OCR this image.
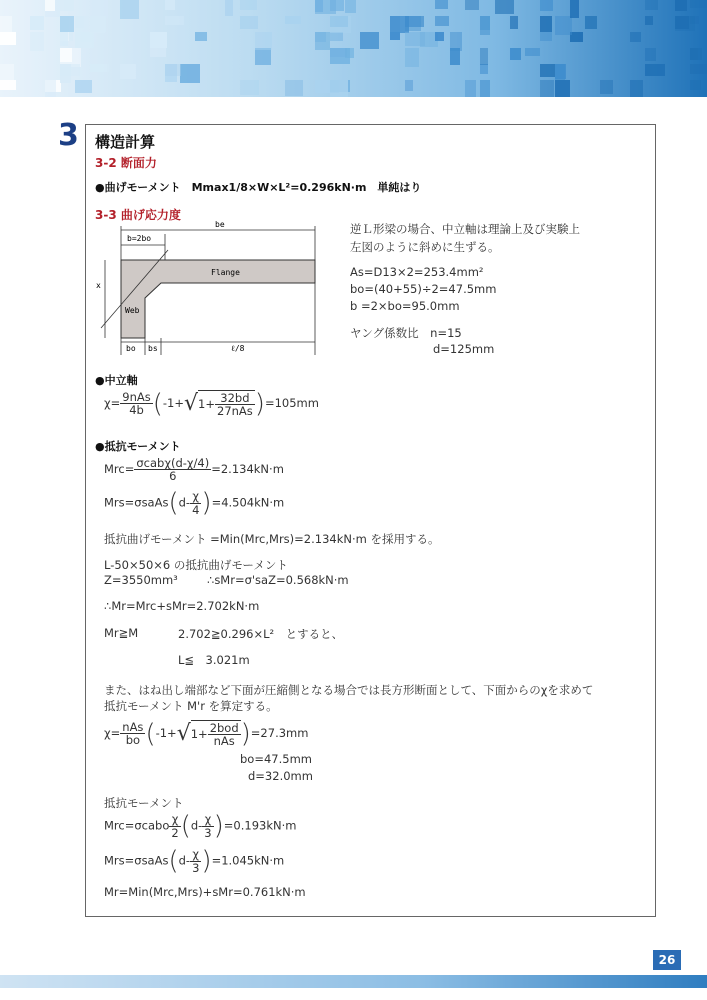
3 構造計算
3-2 断面力
●曲げモーメント　Mmax1/8×W×L²=0.296kN·m　単純はり
3-3 曲げ応力度
be
b=2bo
Flange
Web
x
bo bs	ℓ/8
逆Ｌ形梁の場合、中立軸は理論上及び実験上
左図のように斜めに生ずる。
As=D13×2=253.4mm²
bo=(40+55)÷2=47.5mm
b =2×bo=95.0mm
ヤング係数比　n=15
d=125mm
●中立軸
$\chi= \frac{\text{9nAs}}{4b} (-1+√1+ \frac{32bd}{\text{27nAs}} )=105mm$
●抵抗モーメント
$Mrc= \frac{\text{σcabχ(d-χ/4)}}{6} =2.134kN\cdot m$
Mrs=σsaAs(d- $\frac{\chi}{4} )=4.504kN\cdot m$
抵抗曲げモーメント =Min(Mrc,Mrs)=2.134kN·m を採用する。
L-50×50×6 の抵抗曲げモーメント
Z=3550mm³	∴sMr=σ'saZ=0.568kN·m
∴Mr=Mrc+sMr=2.702kN·m
Mr≧M	2.702≧0.296×L²　とすると、
L≦　3.021m
また、はね出し端部など下面が圧縮側となる場合では長方形断面として、下面からのχを求めて
抵抗モーメント M'r を算定する。
$\chi= \frac{\text{nAs}}{bo} (-1+√1+ \frac{\text{2bod}}{\text{nAs}} )=27.3mm$
bo=47.5mm
d=32.0mm
抵抗モーメント
Mrc=σcabo $\frac{\chi}{2} (d- \frac{\chi}{3} )=0.193kN\cdot m$
Mrs=σsaAs(d- $\frac{\chi}{3} )=1.045kN\cdot m$
Mr=Min(Mrc,Mrs)+sMr=0.761kN·m
26
